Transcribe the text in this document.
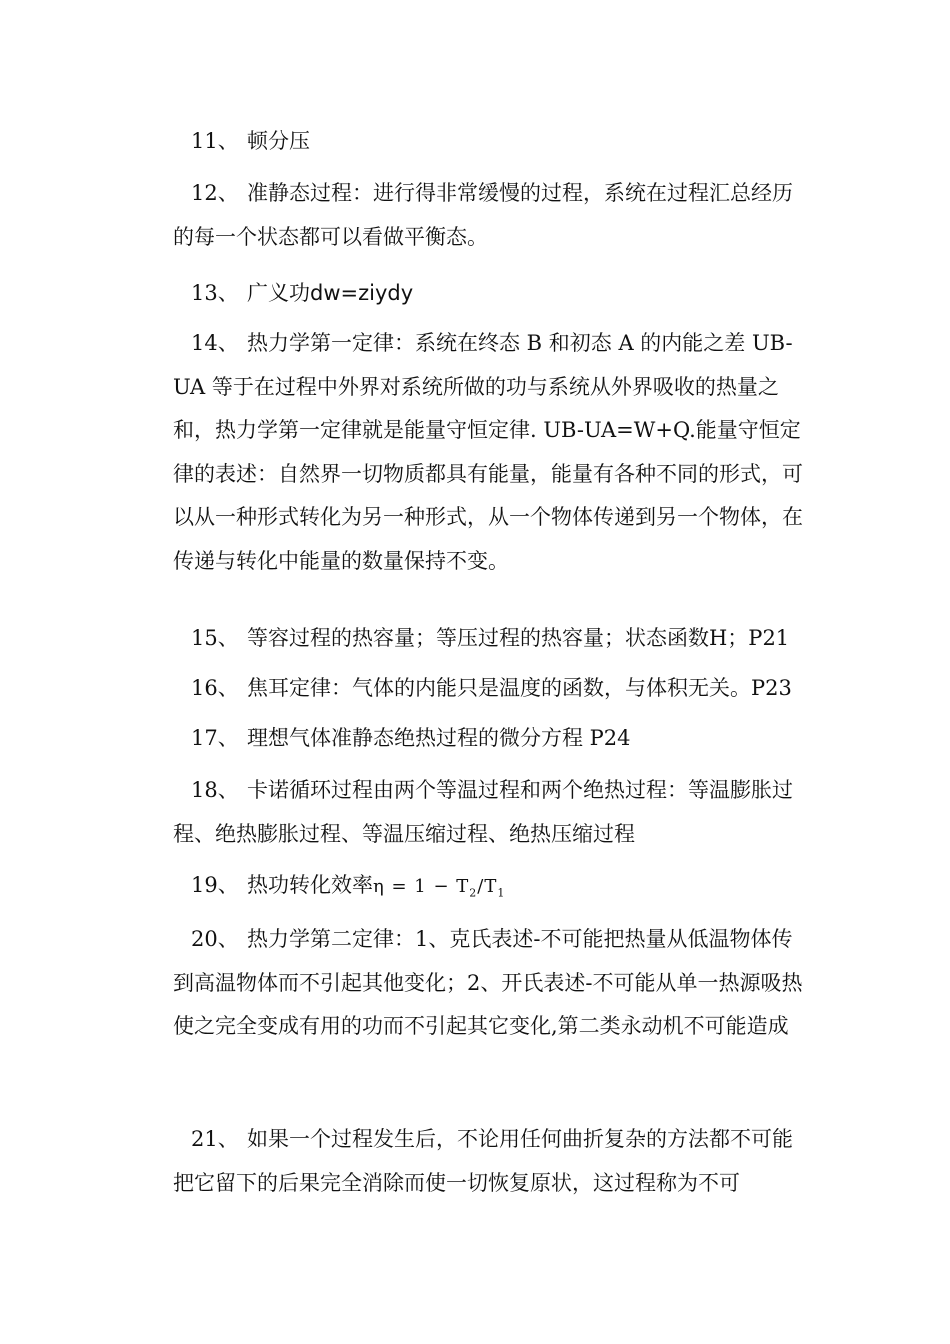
11、 顿分压

12、 准静态过程：进行得非常缓慢的过程，系统在过程汇总经历的每一个状态都可以看做平衡态。

13、 广义功dw=ziydy

14、 热力学第一定律：系统在终态 B 和初态 A 的内能之差 UB-UA 等于在过程中外界对系统所做的功与系统从外界吸收的热量之和，热力学第一定律就是能量守恒定律. UB-UA=W+Q.能量守恒定律的表述：自然界一切物质都具有能量，能量有各种不同的形式，可以从一种形式转化为另一种形式，从一个物体传递到另一个物体，在传递与转化中能量的数量保持不变。

15、 等容过程的热容量；等压过程的热容量；状态函数H；P21

16、 焦耳定律：气体的内能只是温度的函数，与体积无关。P23

17、 理想气体准静态绝热过程的微分方程 P24

18、 卡诺循环过程由两个等温过程和两个绝热过程：等温膨胀过程、绝热膨胀过程、等温压缩过程、绝热压缩过程

19、 热功转化效率$\eta = 1 - T_2/T_1$

20、 热力学第二定律：1、克氏表述-不可能把热量从低温物体传到高温物体而不引起其他变化；2、开氏表述-不可能从单一热源吸热使之完全变成有用的功而不引起其它变化,第二类永动机不可能造成

21、 如果一个过程发生后，不论用任何曲折复杂的方法都不可能把它留下的后果完全消除而使一切恢复原状，这过程称为不可
